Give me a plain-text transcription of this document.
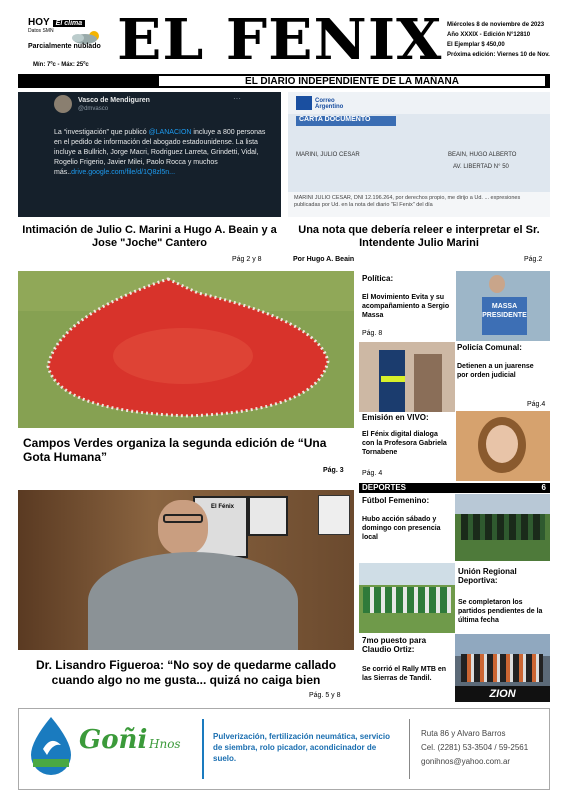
HOY El clima
Datos SMN
Parcialmente nublado
Mín: 7ºc - Máx: 25ºc EL FENIX Miércoles 8 de noviembre de 2023
Año XXXIX - Edición N°12810
El Ejemplar $ 450,00
Próxima edición: Viernes 10 de Nov.
EL DIARIO INDEPENDIENTE DE LA MAÑANA
Vasco de Mendiguren
@dmvasco
···
La “investigación” que publicó @LANACION incluye a 800 personas en el pedido de información del abogado estadounidense. La lista incluye a Bullrich, Jorge Macri, Rodriguez Larreta, Grindetti, Vidal, Rogelio Frigerio, Javier Milei, Paolo Rocca y muchos más..drive.google.com/file/d/1Q8zl5n...
Intimación de Julio C. Marini a Hugo A. Beain y a Jose "Joche" Cantero
Pág 2 y 8
Correo Argentino
CARTA DOCUMENTO
MARINI, JULIO CESAR	BEAIN, HUGO ALBERTO
AV. LIBERTAD N° 50
MARINI JULIO CESAR, DNI 12.196.264, por derechos propio, me dirijo a Ud. ... expresiones publicadas por Ud. en la nota del diario "El Fenix" del día
Una nota que debería releer e interpretar el Sr. Intendente Julio Marini
Por Hugo A. Beain	Pág.2
Campos Verdes organiza la segunda edición de “Una Gota Humana”
Pág. 3
El Fénix
Dr. Lisandro Figueroa: “No soy de quedarme callado cuando algo no me gusta... quizá no caiga bien
Pág. 5 y 8
Política:
El Movimiento Evita y su acompañamiento a Sergio Massa
Pág. 8
MASSA PRESIDENTE
Policía Comunal:
Detienen a un juarense por orden judicial
Pág.4
Emisión en VIVO:
El Fénix digital dialoga con la Profesora Gabriela Tornabene
Pág. 4
DEPORTES	6
Fútbol Femenino:
Hubo acción sábado y domingo con presencia local
Unión Regional Deportiva:
Se completaron los partidos pendientes de la última fecha
7mo puesto para Claudio Ortiz:
Se corrió el Rally MTB en las Sierras de Tandil.
ZION
Goñi Hnos
Pulverización, fertilización neumática, servicio de siembra, rolo picador, acondicinador de suelo.
Ruta 86 y Alvaro Barros
Cel. (2281) 53-3504 / 59-2561
gonihnos@yahoo.com.ar
